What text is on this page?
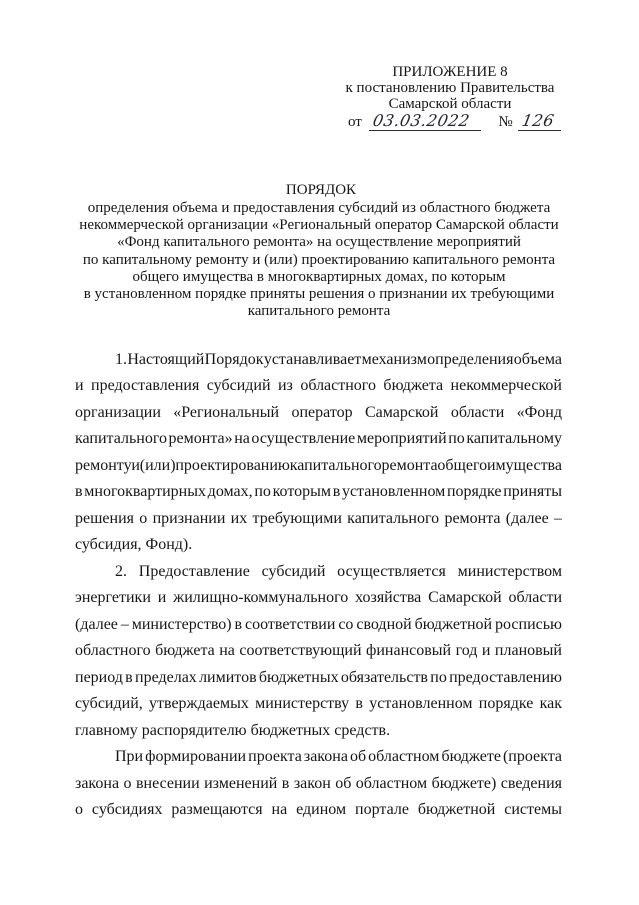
ПРИЛОЖЕНИЕ 8
к постановлению Правительства
Самарской области
от 03.03.2022 № 126
ПОРЯДОК
определения объема и предоставления субсидий из областного бюджета
некоммерческой организации «Региональный оператор Самарской области
«Фонд капитального ремонта» на осуществление мероприятий
по капитальному ремонту и (или) проектированию капитального ремонта
общего имущества в многоквартирных домах, по которым
в установленном порядке приняты решения о признании их требующими
капитального ремонта
1. Настоящий Порядок устанавливает механизм определения объема
и предоставления субсидий из областного бюджета некоммерческой
организации «Региональный оператор Самарской области «Фонд
капитального ремонта» на осуществление мероприятий по капитальному
ремонту и (или) проектированию капитального ремонта общего имущества
в многоквартирных домах, по которым в установленном порядке приняты
решения о признании их требующими капитального ремонта (далее –
субсидия, Фонд).
2. Предоставление субсидий осуществляется министерством
энергетики и жилищно-коммунального хозяйства Самарской области
(далее – министерство) в соответствии со сводной бюджетной росписью
областного бюджета на соответствующий финансовый год и плановый
период в пределах лимитов бюджетных обязательств по предоставлению
субсидий, утверждаемых министерству в установленном порядке как
главному распорядителю бюджетных средств.
При формировании проекта закона об областном бюджете (проекта
закона о внесении изменений в закон об областном бюджете) сведения
о субсидиях размещаются на едином портале бюджетной системы
